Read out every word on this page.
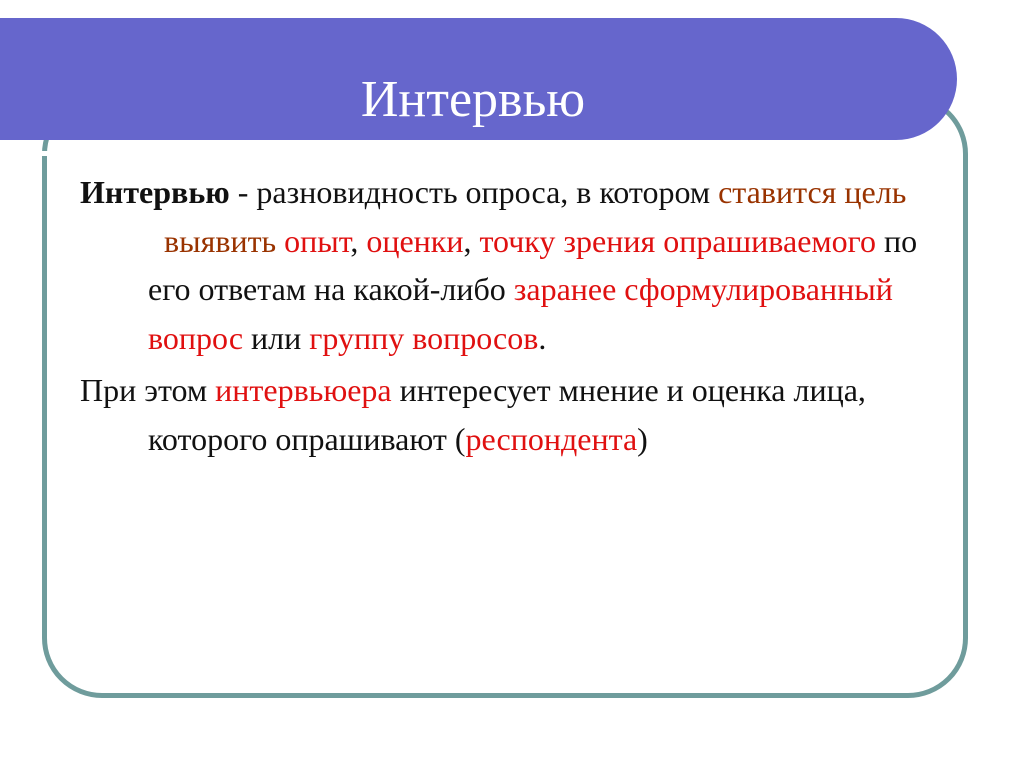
Интервью

Интервью - разновидность опроса, в котором ставится цель  выявить опыт, оценки, точку зрения опрашиваемого по его ответам на какой-либо заранее сформулированный вопрос или группу вопросов.

При этом интервьюера интересует мнение и оценка лица, которого опрашивают (респондента)
